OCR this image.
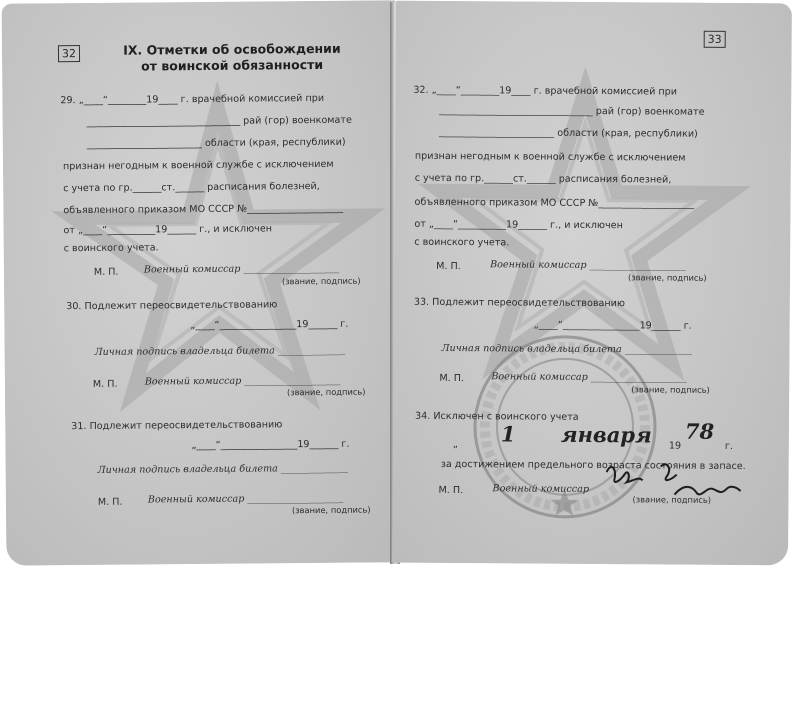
32	IX. Отметки об освобождении
от воинской обязанности
29. „____“________19____ г. врачебной комиссией при
________________________________ рай (гор) военкомате
________________________ области (края, республики)
признан негодным к военной службе с исключением
с учета по гр.______ст.______ расписания болезней,
объявленного приказом МО СССР №____________________
от „____“__________19______ г., и исключен
с воинского учета.
М. П.	Военный комиссар ____________________
(звание, подпись)
30. Подлежит переосвидетельствованию
„____“________________19______ г.
Личная подпись владельца билета ______________
М. П.	Военный комиссар ____________________
(звание, подпись)
31. Подлежит переосвидетельствованию
„____“________________19______ г.
Личная подпись владельца билета ______________
М. П.	Военный комиссар ____________________
(звание, подпись)
33
32. „____“________19____ г. врачебной комиссией при
________________________________ рай (гор) военкомате
________________________ области (края, республики)
признан негодным к военной службе с исключением
с учета по гр.______ст.______ расписания болезней,
объявленного приказом МО СССР №____________________
от „____“__________19______ г., и исключен
с воинского учета.
М. П.	Военный комиссар ____________________
(звание, подпись)
33. Подлежит переосвидетельствованию
„____“________________19______ г.
Личная подпись владельца билета ______________
М. П.	Военный комиссар ____________________
(звание, подпись)
34. Исключен с воинского учета
„ 1 января 19
78
г.
за достижением предельного возраста состояния в запасе.
М. П.	Военный комиссар
(звание, подпись)
